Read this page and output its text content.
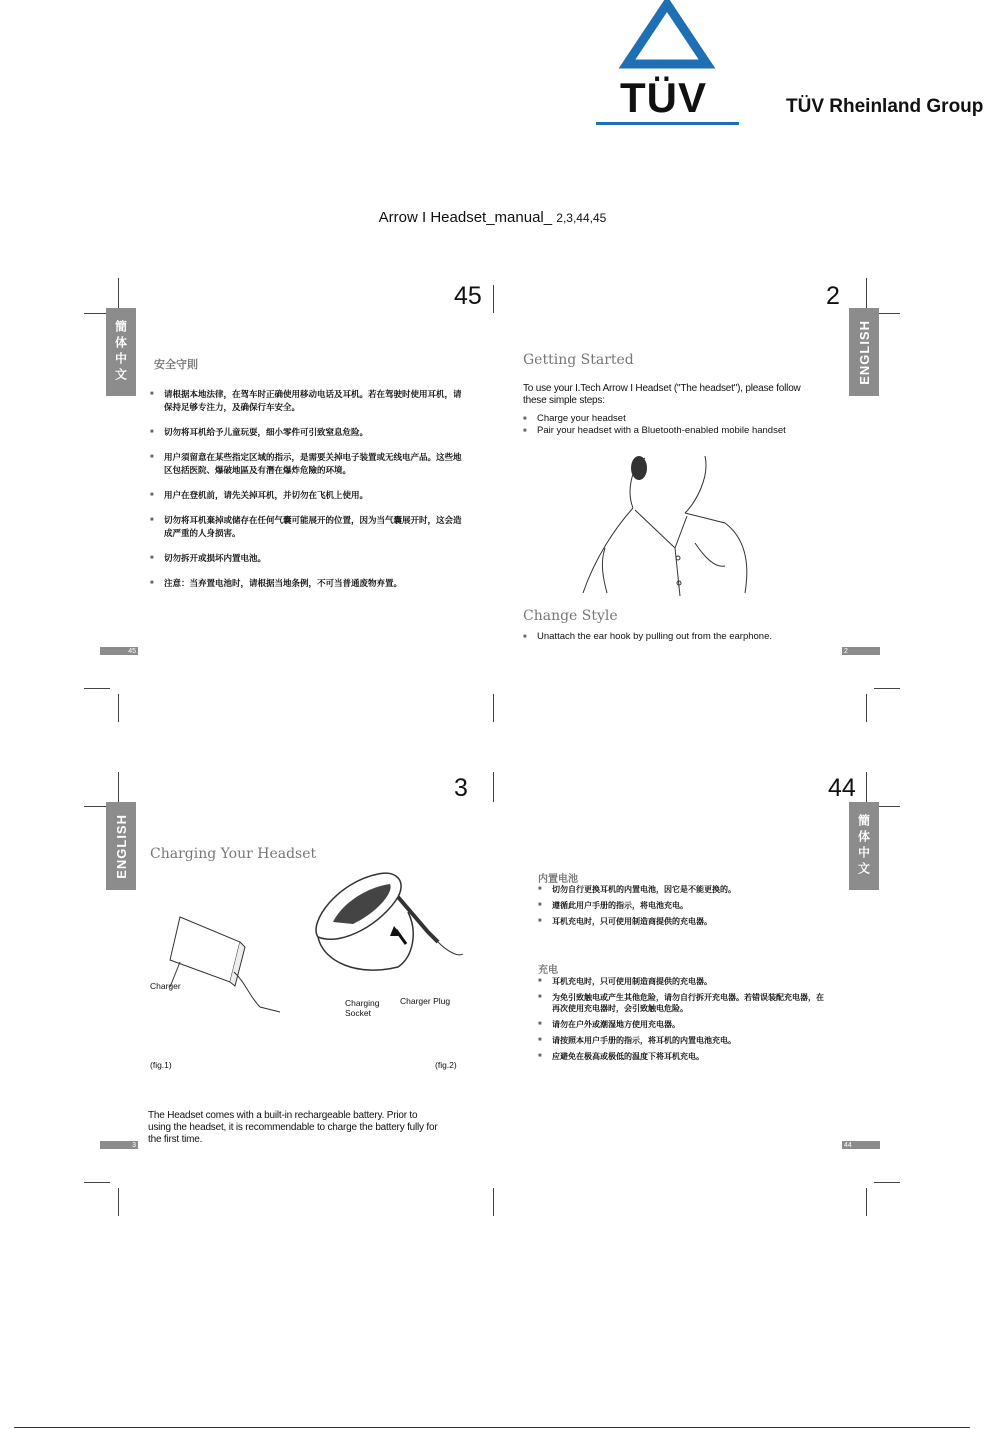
TÜV	TÜV Rheinland Group
Arrow I Headset_manual_ 2,3,44,45
簡体中文
45
安全守則
■ 请根据本地法律，在驾车时正确使用移动电话及耳机。若在驾驶时使用耳机，请保持足够专注力，及确保行车安全。
■ 切勿将耳机给予儿童玩耍，细小零件可引致窒息危险。
■ 用户須留意在某些指定区域的指示，是需要关掉电子装置或无线电产品。这些地区包括医院、爆破地區及有潛在爆炸危險的环境。
■ 用户在登机前，请先关掉耳机，并切勿在飞机上使用。
■ 切勿将耳机棄掉或储存在任何气囊可能展开的位置，因为当气囊展开时，这会造成严重的人身损害。
■ 切勿拆开或损坏内置电池。
■ 注意：当弃置电池时，请根据当地条例，不可当普通废物弃置。
45
2
ENGLISH
Getting Started
To use your I.Tech Arrow I Headset ("The headset"), please follow these simple steps:
■ Charge your headset
■ Pair your headset with a Bluetooth-enabled mobile handset
Change Style
■ Unattach the ear hook by pulling out from the earphone.
2
ENGLISH
3
Charging Your Headset
Charger
Charging Socket
Charger Plug
(fig.1)	(fig.2)
The Headset comes with a built-in rechargeable battery. Prior to using the headset, it is recommendable to charge the battery fully for the first time.
3
44
簡体中文
内置电池
■ 切勿自行更换耳机的内置电池，因它是不能更换的。
■ 遵循此用户手册的指示，将电池充电。
■ 耳机充电时，只可使用制造商提供的充电器。
充电
■ 耳机充电时，只可使用制造商提供的充电器。
■ 为免引致触电或产生其他危险，请勿自行拆开充电器。若错误装配充电器，在再次使用充电器时，会引致触电危险。
■ 请勿在户外或潮湿地方使用充电器。
■ 请按照本用户手册的指示，将耳机的内置电池充电。
■ 应避免在极高或极低的温度下将耳机充电。
44
